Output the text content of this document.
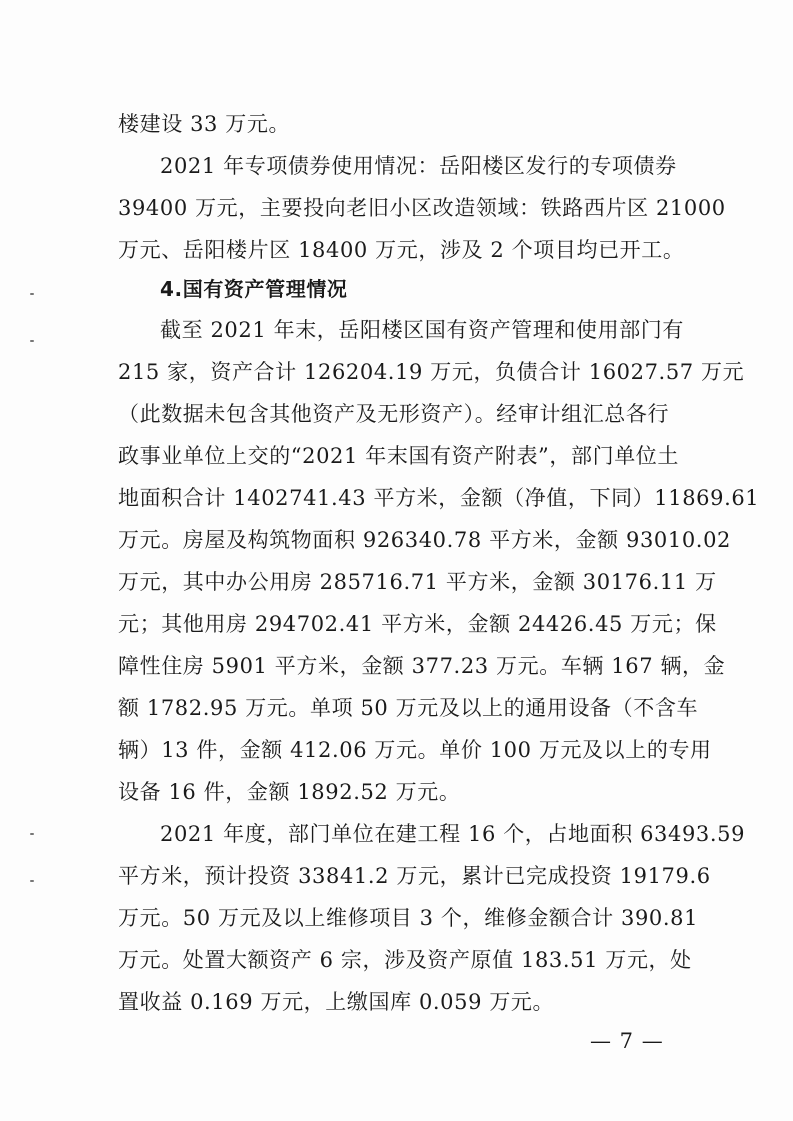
楼建设 33 万元。
2021 年专项债券使用情况：岳阳楼区发行的专项债券
39400 万元，主要投向老旧小区改造领域：铁路西片区 21000
万元、岳阳楼片区 18400 万元，涉及 2 个项目均已开工。
4.国有资产管理情况
截至 2021 年末，岳阳楼区国有资产管理和使用部门有
215 家，资产合计 126204.19 万元，负债合计 16027.57 万元
（此数据未包含其他资产及无形资产）。经审计组汇总各行
政事业单位上交的“2021 年末国有资产附表”，部门单位土
地面积合计 1402741.43 平方米，金额（净值，下同）11869.61
万元。房屋及构筑物面积 926340.78 平方米，金额 93010.02
万元，其中办公用房 285716.71 平方米，金额 30176.11 万
元；其他用房 294702.41 平方米，金额 24426.45 万元；保
障性住房 5901 平方米，金额 377.23 万元。车辆 167 辆，金
额 1782.95 万元。单项 50 万元及以上的通用设备（不含车
辆）13 件，金额 412.06 万元。单价 100 万元及以上的专用
设备 16 件，金额 1892.52 万元。
2021 年度，部门单位在建工程 16 个，占地面积 63493.59
平方米，预计投资 33841.2 万元，累计已完成投资 19179.6
万元。50 万元及以上维修项目 3 个，维修金额合计 390.81
万元。处置大额资产 6 宗，涉及资产原值 183.51 万元，处
置收益 0.169 万元，上缴国库 0.059 万元。
— 7 —
